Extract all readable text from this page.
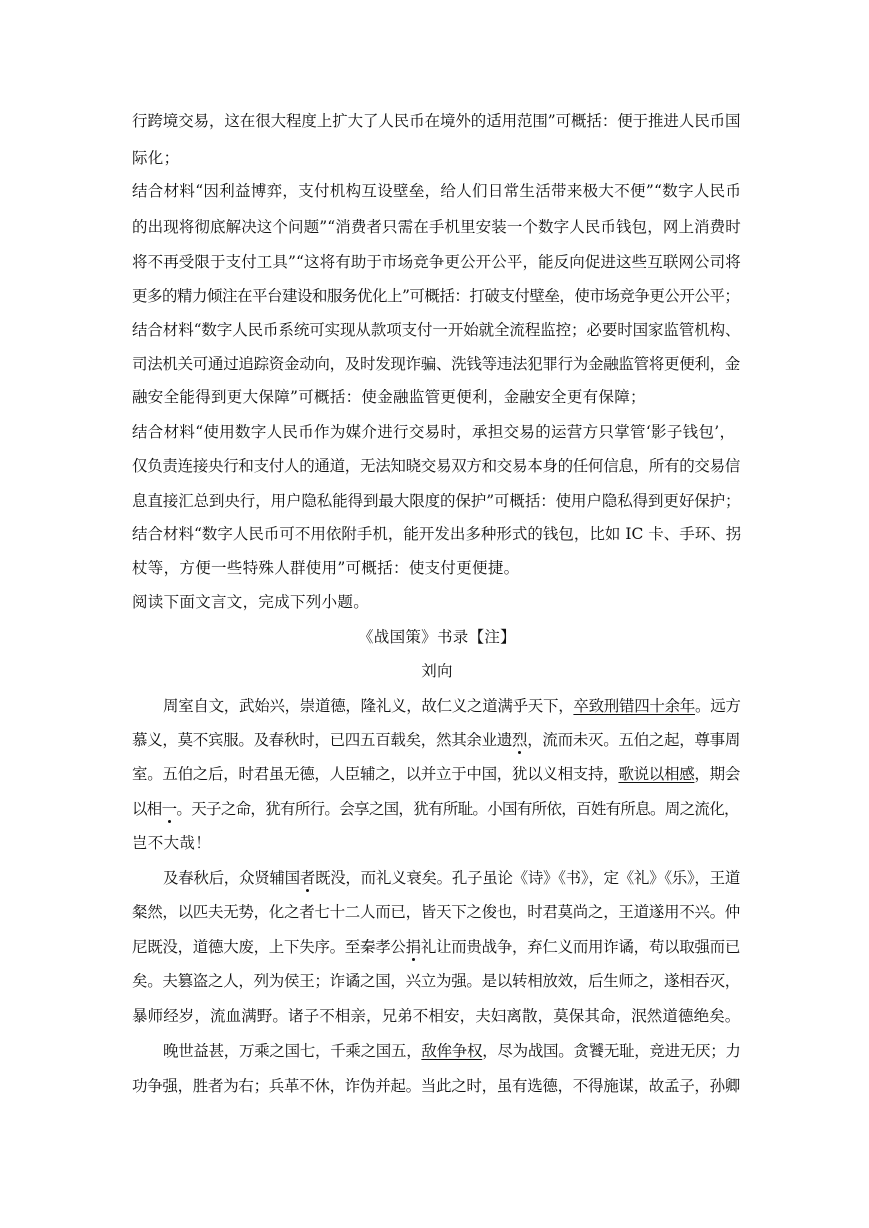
行跨境交易，这在很大程度上扩大了人民币在境外的适用范围”可概括：便于推进人民币国
际化；
结合材料“因利益博弈，支付机构互设壁垒，给人们日常生活带来极大不便”“数字人民币
的出现将彻底解决这个问题”“消费者只需在手机里安装一个数字人民币钱包，网上消费时
将不再受限于支付工具”“这将有助于市场竞争更公开公平，能反向促进这些互联网公司将
更多的精力倾注在平台建设和服务优化上”可概括：打破支付壁垒，使市场竞争更公开公平；
结合材料“数字人民币系统可实现从款项支付一开始就全流程监控；必要时国家监管机构、
司法机关可通过追踪资金动向，及时发现诈骗、洗钱等违法犯罪行为金融监管将更便利，金
融安全能得到更大保障”可概括：使金融监管更便利，金融安全更有保障；
结合材料“使用数字人民币作为媒介进行交易时，承担交易的运营方只掌管‘影子钱包’，
仅负责连接央行和支付人的通道，无法知晓交易双方和交易本身的任何信息，所有的交易信
息直接汇总到央行，用户隐私能得到最大限度的保护”可概括：使用户隐私得到更好保护；
结合材料“数字人民币可不用依附手机，能开发出多种形式的钱包，比如 IC 卡、手环、拐
杖等，方便一些特殊人群使用”可概括：使支付更便捷。
阅读下面文言文，完成下列小题。
《战国策》书录【注】
刘向
周室自文，武始兴，崇道德，隆礼义，故仁义之道满乎天下，卒致刑错四十余年。远方
慕义，莫不宾服。及春秋时，已四五百载矣，然其余业遗烈，流而未灭。五伯之起，尊事周
室。五伯之后，时君虽无德，人臣辅之，以并立于中国，犹以义相支持，歌说以相感，期会
以相一。天子之命，犹有所行。会享之国，犹有所耻。小国有所依，百姓有所息。周之流化，
岂不大哉！
及春秋后，众贤辅国者既没，而礼义衰矣。孔子虽论《诗》《书》，定《礼》《乐》，王道
粲然，以匹夫无势，化之者七十二人而已，皆天下之俊也，时君莫尚之，王道遂用不兴。仲
尼既没，道德大废，上下失序。至秦孝公捐礼让而贵战争，弃仁义而用诈谲，苟以取强而已
矣。夫篡盗之人，列为侯王；诈谲之国，兴立为强。是以转相放效，后生师之，遂相吞灭，
暴师经岁，流血满野。诸子不相亲，兄弟不相安，夫妇离散，莫保其命，泯然道德绝矣。
晚世益甚，万乘之国七，千乘之国五，敌侔争权，尽为战国。贪饕无耻，竞进无厌；力
功争强，胜者为右；兵革不休，诈伪并起。当此之时，虽有选德，不得施谋，故孟子，孙卿
